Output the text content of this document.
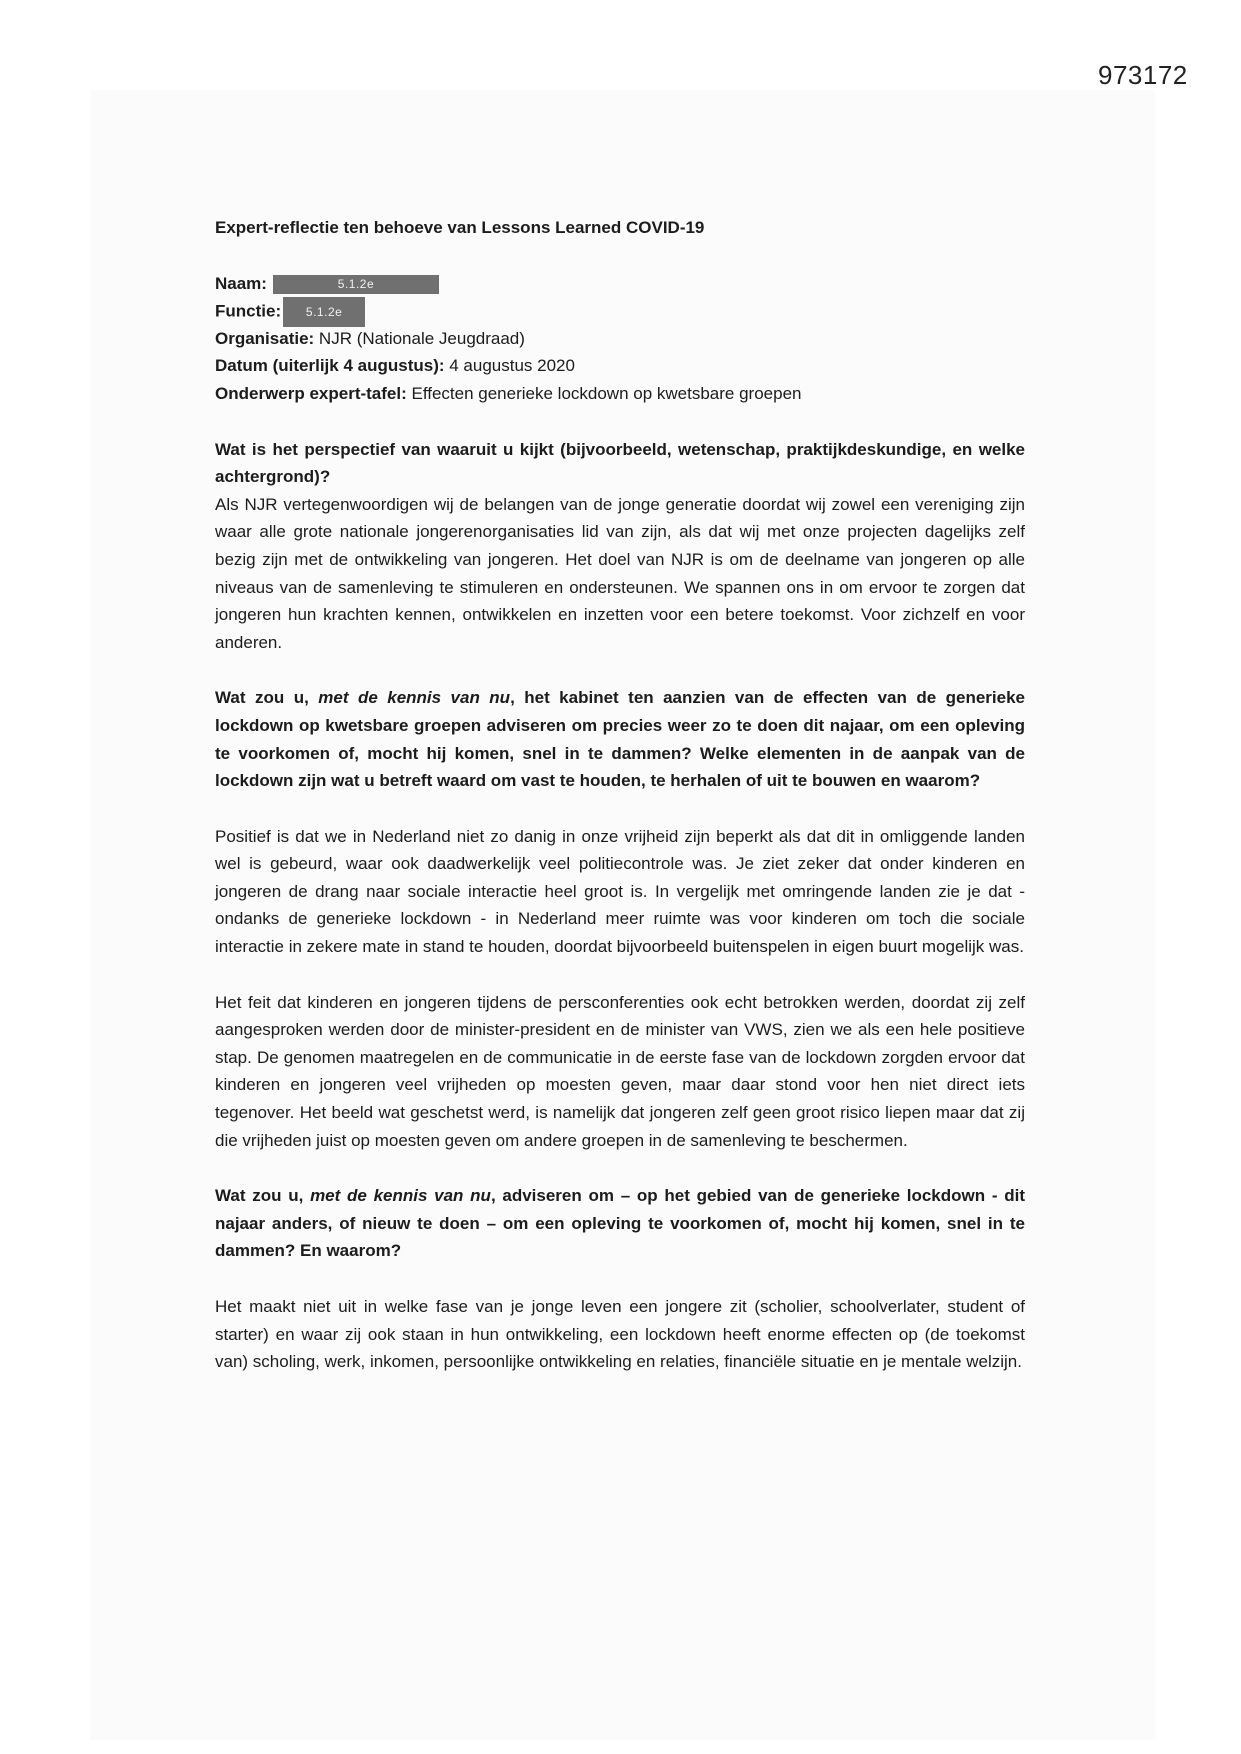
973172

Expert-reflectie ten behoeve van Lessons Learned COVID-19

Naam:	5.1.2e
Functie: 5.1.2e
Organisatie: NJR (Nationale Jeugdraad)
Datum (uiterlijk 4 augustus): 4 augustus 2020
Onderwerp expert-tafel: Effecten generieke lockdown op kwetsbare groepen

Wat is het perspectief van waaruit u kijkt (bijvoorbeeld, wetenschap, praktijkdeskundige, en welke achtergrond)?

Als NJR vertegenwoordigen wij de belangen van de jonge generatie doordat wij zowel een vereniging zijn waar alle grote nationale jongerenorganisaties lid van zijn, als dat wij met onze projecten dagelijks zelf bezig zijn met de ontwikkeling van jongeren. Het doel van NJR is om de deelname van jongeren op alle niveaus van de samenleving te stimuleren en ondersteunen. We spannen ons in om ervoor te zorgen dat jongeren hun krachten kennen, ontwikkelen en inzetten voor een betere toekomst. Voor zichzelf en voor anderen.

Wat zou u, met de kennis van nu, het kabinet ten aanzien van de effecten van de generieke lockdown op kwetsbare groepen adviseren om precies weer zo te doen dit najaar, om een opleving te voorkomen of, mocht hij komen, snel in te dammen? Welke elementen in de aanpak van de lockdown zijn wat u betreft waard om vast te houden, te herhalen of uit te bouwen en waarom?

Positief is dat we in Nederland niet zo danig in onze vrijheid zijn beperkt als dat dit in omliggende landen wel is gebeurd, waar ook daadwerkelijk veel politiecontrole was. Je ziet zeker dat onder kinderen en jongeren de drang naar sociale interactie heel groot is. In vergelijk met omringende landen zie je dat - ondanks de generieke lockdown - in Nederland meer ruimte was voor kinderen om toch die sociale interactie in zekere mate in stand te houden, doordat bijvoorbeeld buitenspelen in eigen buurt mogelijk was.

Het feit dat kinderen en jongeren tijdens de persconferenties ook echt betrokken werden, doordat zij zelf aangesproken werden door de minister-president en de minister van VWS, zien we als een hele positieve stap. De genomen maatregelen en de communicatie in de eerste fase van de lockdown zorgden ervoor dat kinderen en jongeren veel vrijheden op moesten geven, maar daar stond voor hen niet direct iets tegenover. Het beeld wat geschetst werd, is namelijk dat jongeren zelf geen groot risico liepen maar dat zij die vrijheden juist op moesten geven om andere groepen in de samenleving te beschermen.

Wat zou u, met de kennis van nu, adviseren om – op het gebied van de generieke lockdown - dit najaar anders, of nieuw te doen – om een opleving te voorkomen of, mocht hij komen, snel in te dammen? En waarom?

Het maakt niet uit in welke fase van je jonge leven een jongere zit (scholier, schoolverlater, student of starter) en waar zij ook staan in hun ontwikkeling, een lockdown heeft enorme effecten op (de toekomst van) scholing, werk, inkomen, persoonlijke ontwikkeling en relaties, financiële situatie en je mentale welzijn.
